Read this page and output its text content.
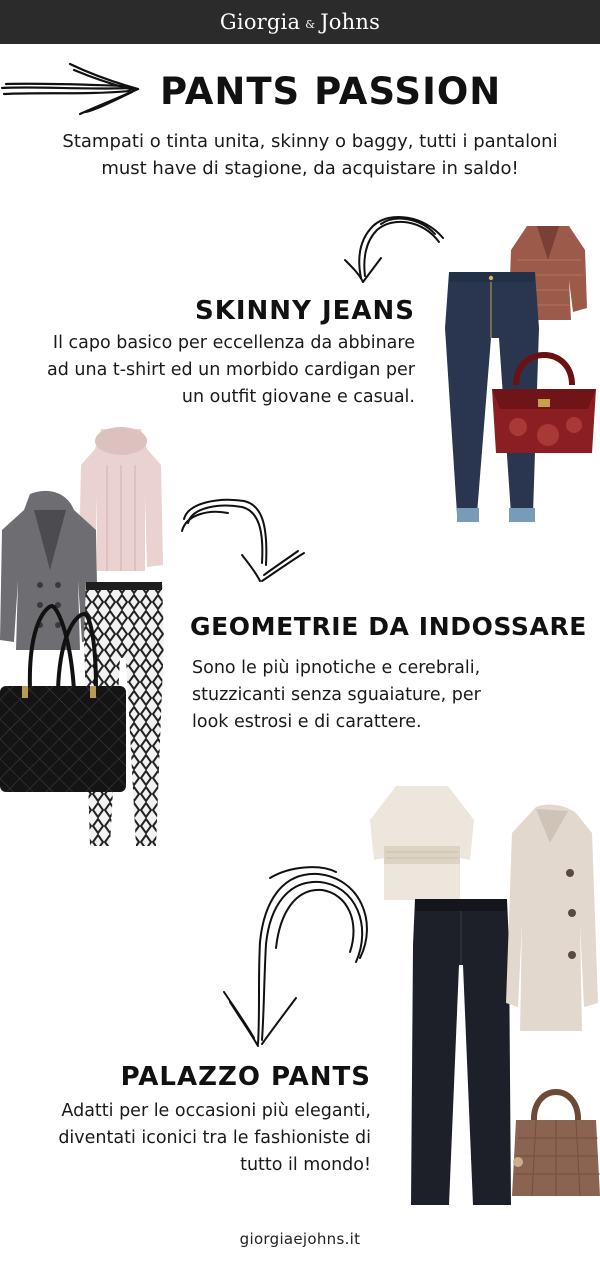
Giorgia & Johns
PANTS PASSION
Stampati o tinta unita, skinny o baggy, tutti i pantaloni
must have di stagione, da acquistare in saldo!
SKINNY JEANS
Il capo basico per eccellenza da abbinare
ad una t-shirt ed un morbido cardigan per
un outfit giovane e casual.
GEOMETRIE DA INDOSSARE
Sono le più ipnotiche e cerebrali,
stuzzicanti senza sguaiature, per
look estrosi e di carattere.
PALAZZO PANTS
Adatti per le occasioni più eleganti,
diventati iconici tra le fashioniste di
tutto il mondo!
giorgiaejohns.it
